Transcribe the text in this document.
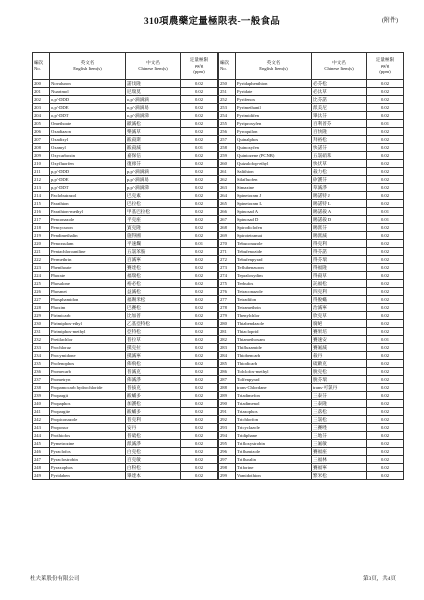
310項農藥定量極限表-一般食品	(附件)
編次
No.	英文名
English Item(s)	中文名
Chinese Item(s)	定量極限
μg/g
(ppm)
200	Novaluron	諾伐隆	0.02
201	Nuarimol	尼瑞莫	0.02
202	o,p'-DDD	o,p'-滴滴滴	0.02
203	o,p'-DDE	o,p'-滴滴易	0.02
204	o,p'-DDT	o,p'-滴滴涕	0.02
205	Omethoate	歐滅松	0.02
206	Oxadiazon	樂滅草	0.02
207	Oxadixyl	毆殺斯	0.02
208	Oxamyl	毆殺滅	0.01
209	Oxycarboxin	嘉保信	0.02
210	Oxyfluorfen	復祿芬	0.02
211	p,p'-DDD	p,p'-滴滴滴	0.02
212	p,p'-DDE	p,p'-滴滴易	0.02
213	p,p'-DDT	p,p'-滴滴涕	0.02
214	Paclobutrazol	巴克素	0.02
215	Parathion	巴拉松	0.02
216	Parathion-methyl	甲基巴拉松	0.02
217	Penconazole	平克座	0.02
218	Pencycuron	賓克隆	0.02
219	Pendimethalin	施得圃	0.02
220	Penoxsulam	平速爛	0.01
221	Pentachloroaniline	五氯苯胺	0.02
222	Permethrin	百滅寧	0.02
223	Phenthoate	賽達松	0.02
224	Phorate	福瑞松	0.02
225	Phosalone	裕必松	0.02
226	Phosmet	益滅松	0.02
227	Phosphamidon	福賜米松	0.02
228	Phoxim	巴賽松	0.02
229	Pirimicarb	比加普	0.02
230	Pirimiphos-ethyl	乙基亞特松	0.02
231	Pirimiphos-methyl	亞特松	0.02
232	Pretilachlor	普拉草	0.02
233	Prochloraz	撲克拉	0.02
234	Procymidone	撲滅寧	0.02
235	Profenophos	佈飛松	0.02
236	Promecarb	普滅克	0.02
237	Prometryn	佈滅淨	0.02
238	Propamocarb hydrochloride	普拔克	0.02
239	Propargit	毆蟎多	0.02
240	Propaphos	加護松	0.02
241	Propargite	毆蟎多	0.02
242	Propiconazole	普克利	0.02
243	Propoxur	安丹	0.02
244	Prothiofos	普硫松	0.02
245	Pymetrozine	派滅淨	0.02
246	Pyraclofos	白克松	0.02
247	Pyraclostrobin	百克敏	0.02
248	Pyraxophos	白粉松	0.02
249	Pyridaben	畢達本	0.02
編次
No.	英文名
English Item(s)	中文名
Chinese Item(s)	定量極限
μg/g
(ppm)
250	Pyridaphenthion	必芬松	0.02
251	Pyridate	必汰草	0.02
252	Pyrifenox	比芬諾	0.02
253	Pyrimethanil	派美尼	0.02
254	Pyrimidifen	畢汰芬	0.02
255	Pyriproxyfen	百利普芬	0.01
256	Pyroquilon	百快隆	0.02
257	Quinalphos	拜裕松	0.02
258	Quinoxyfen	快諾芬	0.02
259	Quintozene (PCNB)	五氯硝苯	0.02
260	Quizalofop-ethyl	快伏草	0.02
261	Salithion	殺力松	0.02
262	Silafluofen	矽護芬	0.02
263	Simazine	草滅淨	0.02
264	Spinetoram J	賜諾特 J	0.02
265	Spinetoram L	賜諾特 L	0.02
266	Spinosad A	賜諾殺 A	0.01
267	Spinosad D	賜諾殺 D	0.01
268	Spirodiclofen	賜派芬	0.02
269	Spirotetramat	賜派滅	0.02
270	Tebuconazole	得克利	0.02
271	Tebufenozide	得芬諾	0.02
272	Tebufenpyrad	得芬瑞	0.02
273	Teflubenzuron	得福隆	0.02
274	Tepraloxydim	得殺草	0.02
275	Terbufos	託福松	0.02
276	Tetraconazole	四克利	0.02
277	Tetradifon	得脫蟎	0.02
278	Tetramethrin	治滅寧	0.02
279	Thenylchlor	欣克草	0.02
280	Thiabendazole	腐絕	0.02
281	Thiacloprid	賽果培	0.02
282	Thiamethoxam	賽速安	0.01
283	Thifluzamide	賽氟滅	0.02
284	Thiobencarb	殺丹	0.02
285	Thiodicarb	硫敵克	0.02
286	Tolclofos-methyl	脫克松	0.02
287	Tolfenpyrad	脫芬瑞	0.02
288	trans-Chlordane	trans-可氯丹	0.02
289	Triadimefon	三泰芬	0.02
290	Triadimenol	三泰隆	0.02
291	Triazophos	三落松	0.02
292	Trichlorfon	三氯松	0.02
293	Tricyclazole	三賽唑	0.02
294	Tridiphane	三地芬	0.02
295	Trifloxystrobin	三氟敏	0.02
296	Triflumizole	賽福座	0.02
297	Trifluralin	三福林	0.02
298	Triforine	賽福寧	0.02
299	Vamidothion	繁米松	0.02
杜夫萊股份有限公司	第3頁，共4頁
